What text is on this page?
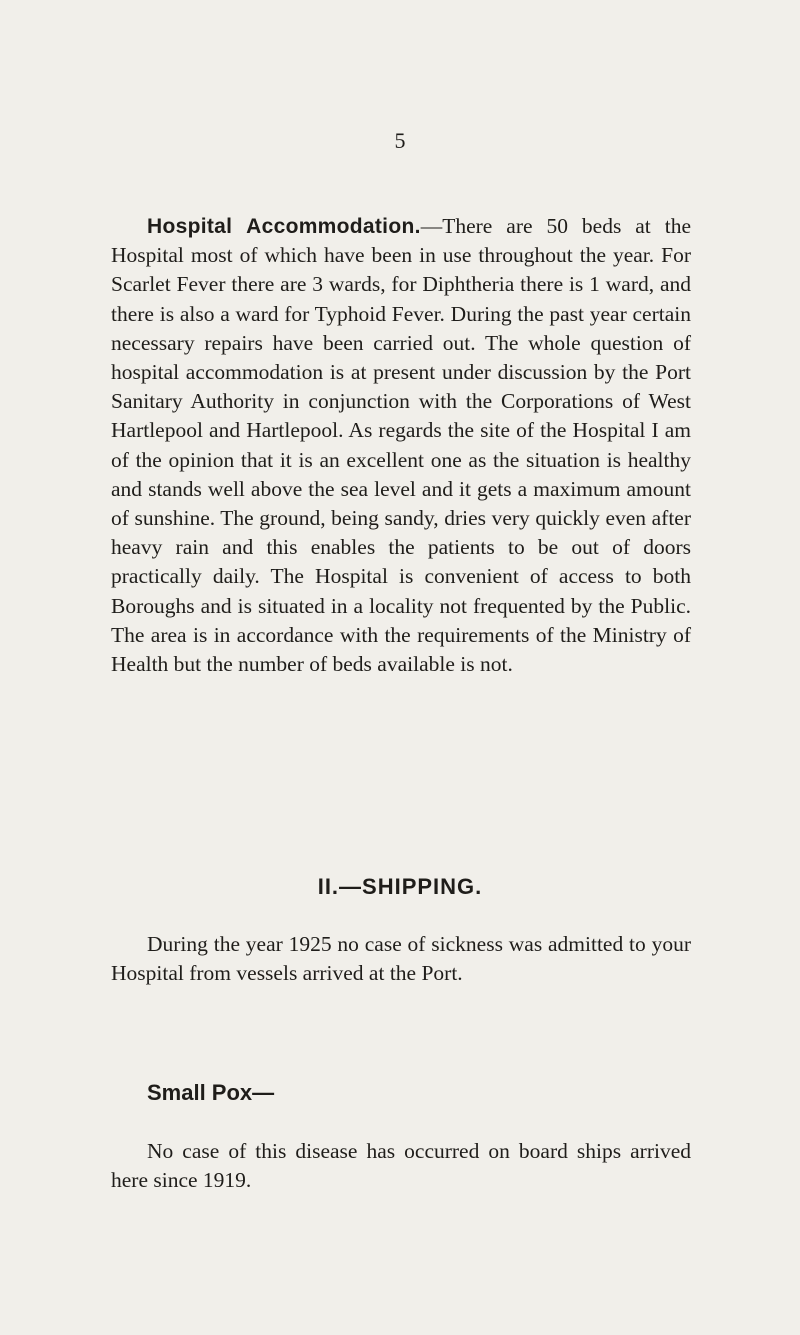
5

Hospital Accommodation.—There are 50 beds at the Hospital most of which have been in use throughout the year. For Scarlet Fever there are 3 wards, for Diphtheria there is 1 ward, and there is also a ward for Typhoid Fever. During the past year certain necessary repairs have been carried out. The whole question of hospital accommodation is at present under discussion by the Port Sanitary Authority in conjunction with the Corporations of West Hartlepool and Hartlepool. As regards the site of the Hospital I am of the opinion that it is an excellent one as the situation is healthy and stands well above the sea level and it gets a maximum amount of sunshine. The ground, being sandy, dries very quickly even after heavy rain and this enables the patients to be out of doors practically daily. The Hospital is convenient of access to both Boroughs and is situated in a locality not frequented by the Public. The area is in accordance with the requirements of the Ministry of Health but the number of beds available is not.

II.—SHIPPING.

During the year 1925 no case of sickness was admitted to your Hospital from vessels arrived at the Port.

Small Pox—

No case of this disease has occurred on board ships arrived here since 1919.
